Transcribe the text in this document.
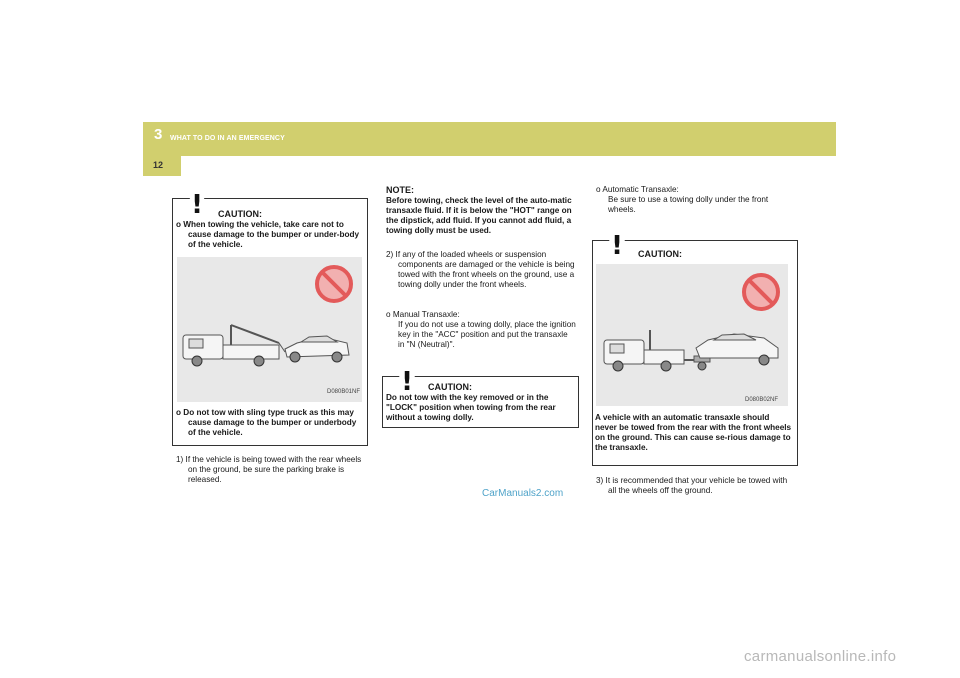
3 WHAT TO DO IN AN EMERGENCY
12
! CAUTION:

o When towing the vehicle, take care not to cause damage to the bumper or under-body of the vehicle.

D080B01NF

o Do not tow with sling type truck as this may cause damage to the bumper or underbody of the vehicle.

1) If the vehicle is being towed with the rear wheels on the ground, be sure the parking brake is released.

NOTE:

Before towing, check the level of the auto-matic transaxle fluid. If it is below the "HOT" range on the dipstick, add fluid. If you cannot add fluid, a towing dolly must be used.

2) If any of the loaded wheels or suspension components are damaged or the vehicle is being towed with the front wheels on the ground, use a towing dolly under the front wheels.

o Manual Transaxle:

If you do not use a towing dolly, place the ignition key in the "ACC" position and put the transaxle in "N (Neutral)".

! CAUTION:

Do not tow with the key removed or in the "LOCK" position when towing from the rear without a towing dolly.

CarManuals2.com
o Automatic Transaxle:

Be sure to use a towing dolly under the front wheels.

! CAUTION:
D080B02NF

A vehicle with an automatic transaxle should never be towed from the rear with the front wheels on the ground. This can cause se-rious damage to the transaxle.

3) It is recommended that your vehicle be towed with all the wheels off the ground.

carmanualsonline.info
